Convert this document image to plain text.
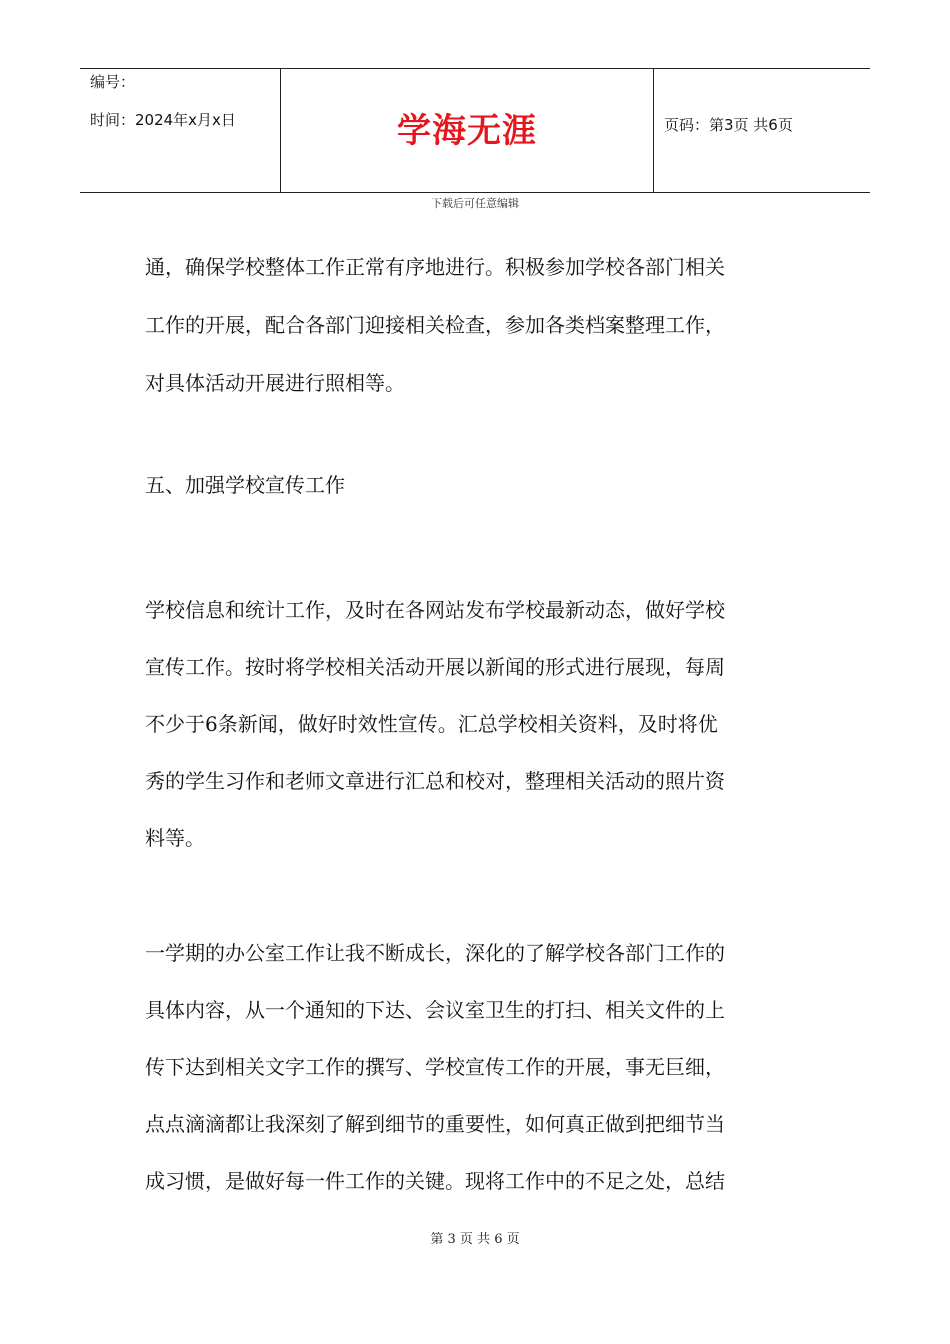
编号：
时间：2024年x月x日	学海无涯	页码：第3页 共6页
下载后可任意编辑
通，确保学校整体工作正常有序地进行。积极参加学校各部门相关
工作的开展，配合各部门迎接相关检查，参加各类档案整理工作，
对具体活动开展进行照相等。
五、加强学校宣传工作
学校信息和统计工作，及时在各网站发布学校最新动态，做好学校
宣传工作。按时将学校相关活动开展以新闻的形式进行展现，每周
不少于6条新闻，做好时效性宣传。汇总学校相关资料，及时将优
秀的学生习作和老师文章进行汇总和校对，整理相关活动的照片资
料等。
一学期的办公室工作让我不断成长，深化的了解学校各部门工作的
具体内容，从一个通知的下达、会议室卫生的打扫、相关文件的上
传下达到相关文字工作的撰写、学校宣传工作的开展，事无巨细，
点点滴滴都让我深刻了解到细节的重要性，如何真正做到把细节当
成习惯，是做好每一件工作的关键。现将工作中的不足之处，总结
第 3 页 共 6 页
